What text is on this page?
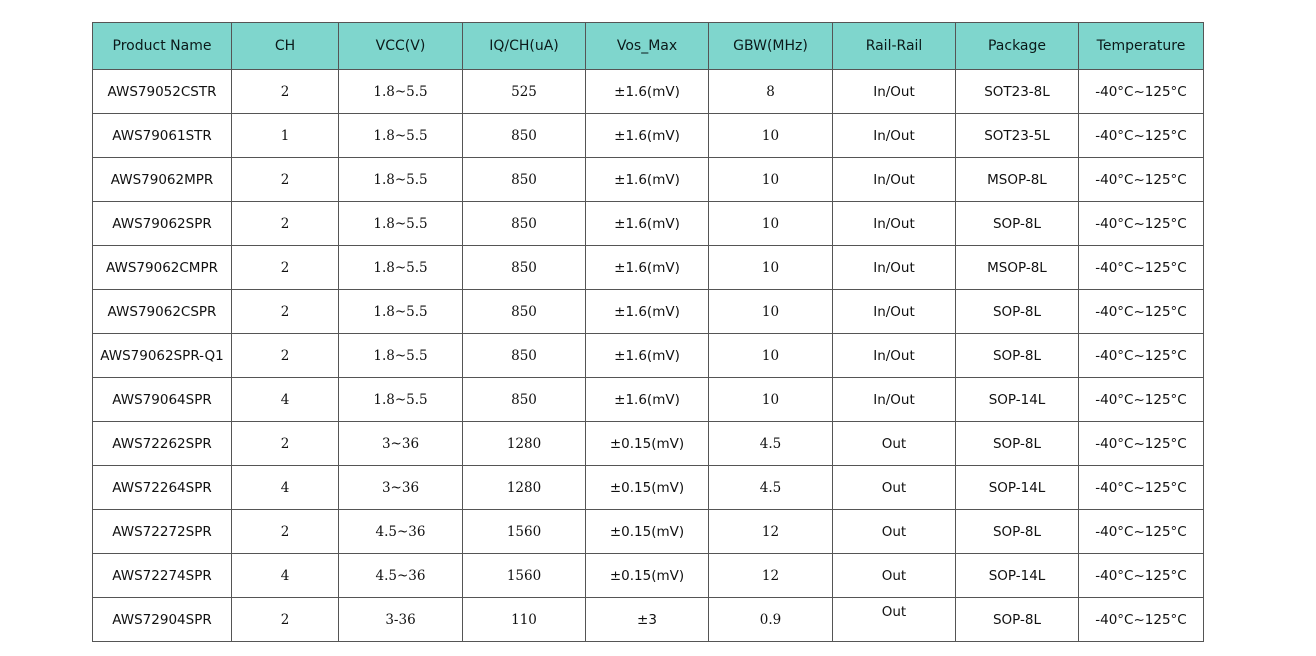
Product Name	CH	VCC(V)	IQ/CH(uA)	Vos_Max	GBW(MHz)	Rail-Rail	Package	Temperature
AWS79052CSTR	2	1.8~5.5	525	±1.6(mV)	8	In/Out	SOT23-8L	-40°C~125°C
AWS79061STR	1	1.8~5.5	850	±1.6(mV)	10	In/Out	SOT23-5L	-40°C~125°C
AWS79062MPR	2	1.8~5.5	850	±1.6(mV)	10	In/Out	MSOP-8L	-40°C~125°C
AWS79062SPR	2	1.8~5.5	850	±1.6(mV)	10	In/Out	SOP-8L	-40°C~125°C
AWS79062CMPR	2	1.8~5.5	850	±1.6(mV)	10	In/Out	MSOP-8L	-40°C~125°C
AWS79062CSPR	2	1.8~5.5	850	±1.6(mV)	10	In/Out	SOP-8L	-40°C~125°C
AWS79062SPR-Q1	2	1.8~5.5	850	±1.6(mV)	10	In/Out	SOP-8L	-40°C~125°C
AWS79064SPR	4	1.8~5.5	850	±1.6(mV)	10	In/Out	SOP-14L	-40°C~125°C
AWS72262SPR	2	3~36	1280	±0.15(mV)	4.5	Out	SOP-8L	-40°C~125°C
AWS72264SPR	4	3~36	1280	±0.15(mV)	4.5	Out	SOP-14L	-40°C~125°C
AWS72272SPR	2	4.5~36	1560	±0.15(mV)	12	Out	SOP-8L	-40°C~125°C
AWS72274SPR	4	4.5~36	1560	±0.15(mV)	12	Out	SOP-14L	-40°C~125°C
AWS72904SPR	2	3-36	110	±3	0.9	Out	SOP-8L	-40°C~125°C
